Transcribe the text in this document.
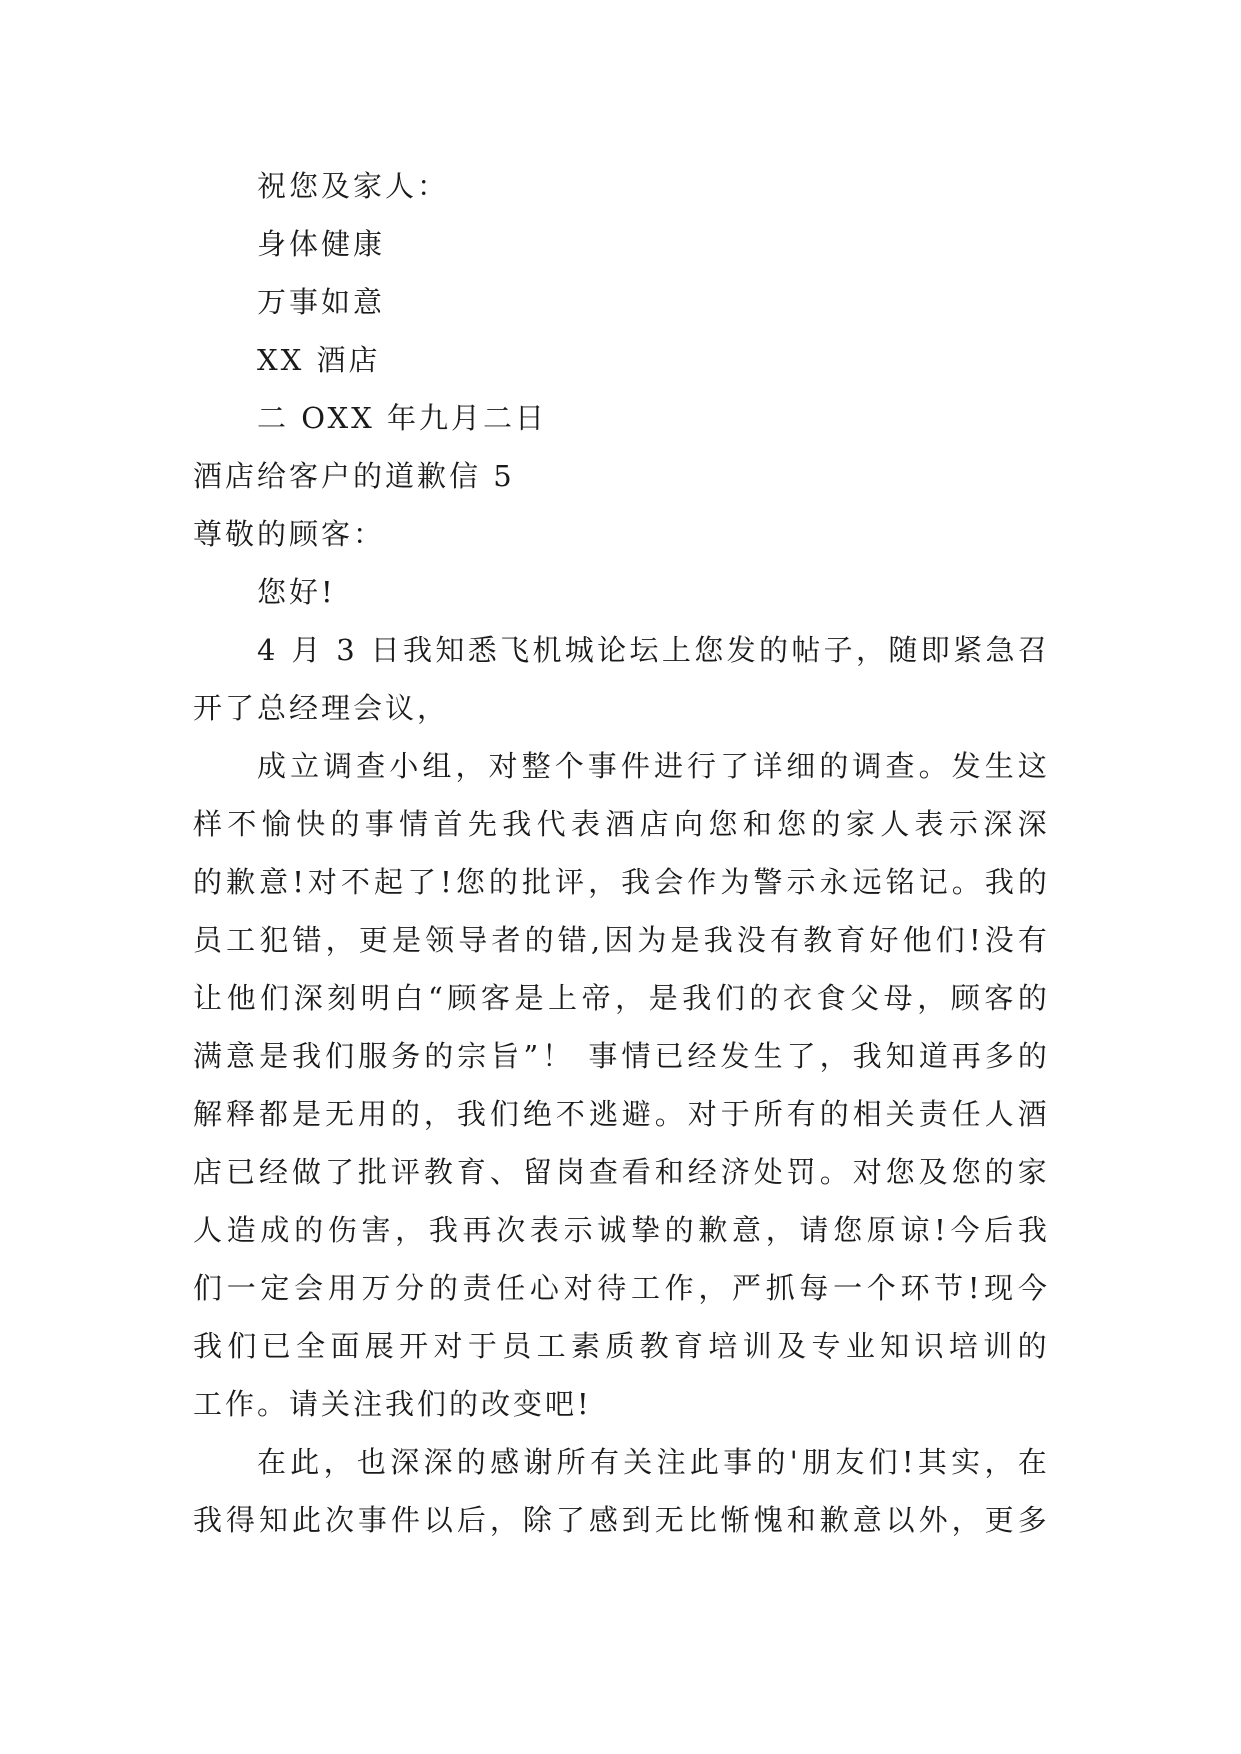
祝您及家人：
身体健康
万事如意
XX 酒店
二 OXX 年九月二日
酒店给客户的道歉信 5
尊敬的顾客：
您好!
4
月
3
日 我 知 悉 飞 机 城 论 坛 上 您 发 的 帖 子 ， 随 即 紧 急 召
开了总经理会议，
成 立 调 查 小 组 ， 对 整 个 事 件 进 行 了 详 细 的 调 查 。 发 生 这
样 不 愉 快 的 事 情 首 先 我 代 表 酒 店 向 您 和 您 的 家 人 表 示 深 深
的 歉 意 ! 对 不 起 了 ! 您 的 批 评 ， 我 会 作 为 警 示 永 远 铭 记 。 我 的
员 工 犯 错 ， 更 是 领 导 者 的 错 , 因 为 是 我 没 有 教 育 好 他 们 ! 没 有
让 他 们 深 刻 明 白 “ 顾 客 是 上 帝 ， 是 我 们 的 衣 食 父 母 ， 顾 客 的
满 意 是 我 们 服 务 的 宗 旨 ” ！
事 情 已 经 发 生 了 ， 我 知 道 再 多 的
解 释 都 是 无 用 的 ， 我 们 绝 不 逃 避 。 对 于 所 有 的 相 关 责 任 人 酒
店 已 经 做 了 批 评 教 育 、 留 岗 查 看 和 经 济 处 罚 。 对 您 及 您 的 家
人 造 成 的 伤 害 ， 我 再 次 表 示 诚 挚 的 歉 意 ， 请 您 原 谅 ! 今 后 我
们 一 定 会 用 万 分 的 责 任 心 对 待 工 作 ， 严 抓 每 一 个 环 节 ! 现 今
我 们 已 全 面 展 开 对 于 员 工 素 质 教 育 培 训 及 专 业 知 识 培 训 的
工作。请关注我们的改变吧!
在 此 ， 也 深 深 的 感 谢 所 有 关 注 此 事 的 ' 朋 友 们 ! 其 实 ， 在
我 得 知 此 次 事 件 以 后 ， 除 了 感 到 无 比 惭 愧 和 歉 意 以 外 ， 更 多
